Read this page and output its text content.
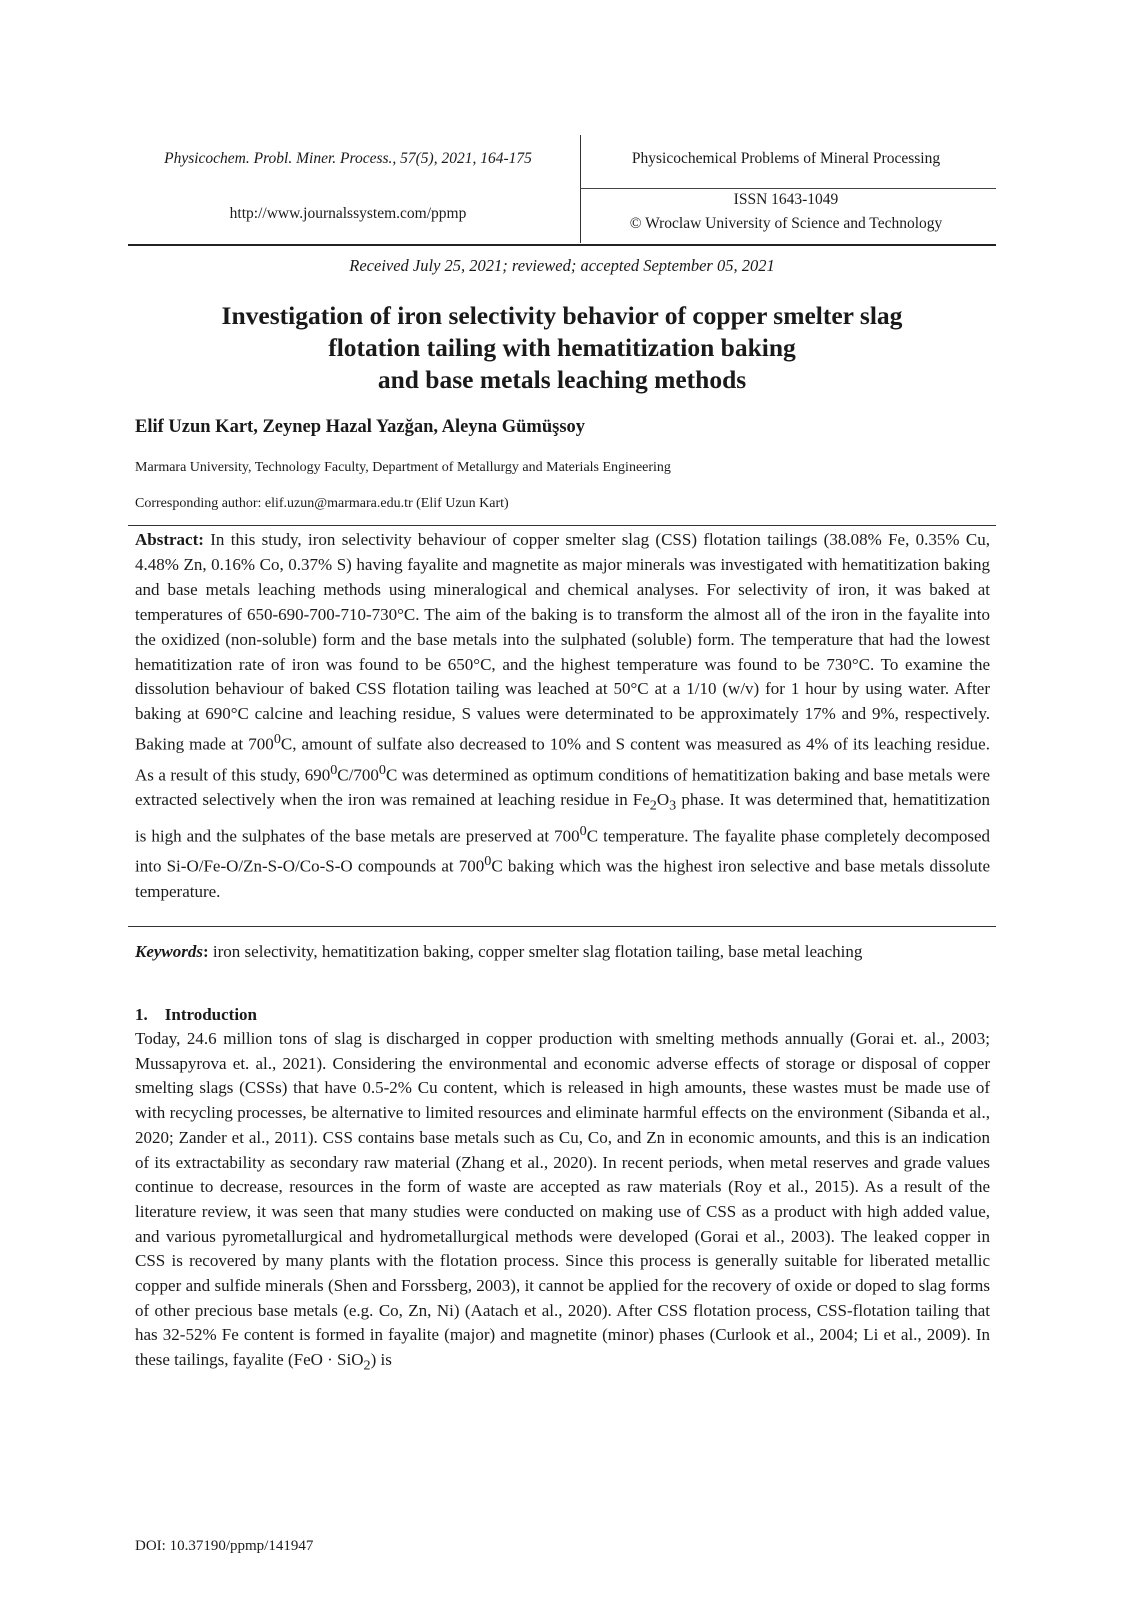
Physicochem. Probl. Miner. Process., 57(5), 2021, 164-175
http://www.journalssystem.com/ppmp
Physicochemical Problems of Mineral Processing
ISSN 1643-1049
© Wroclaw University of Science and Technology
Received July 25, 2021; reviewed; accepted September 05, 2021
Investigation of iron selectivity behavior of copper smelter slag
flotation tailing with hematitization baking
and base metals leaching methods
Elif Uzun Kart, Zeynep Hazal Yazğan, Aleyna Gümüşsoy
Marmara University, Technology Faculty, Department of Metallurgy and Materials Engineering
Corresponding author: elif.uzun@marmara.edu.tr (Elif Uzun Kart)
Abstract: In this study, iron selectivity behaviour of copper smelter slag (CSS) flotation tailings (38.08% Fe, 0.35% Cu, 4.48% Zn, 0.16% Co, 0.37% S) having fayalite and magnetite as major minerals was investigated with hematitization baking and base metals leaching methods using mineralogical and chemical analyses. For selectivity of iron, it was baked at temperatures of 650-690-700-710-730°C. The aim of the baking is to transform the almost all of the iron in the fayalite into the oxidized (non-soluble) form and the base metals into the sulphated (soluble) form. The temperature that had the lowest hematitization rate of iron was found to be 650°C, and the highest temperature was found to be 730°C. To examine the dissolution behaviour of baked CSS flotation tailing was leached at 50°C at a 1/10 (w/v) for 1 hour by using water. After baking at 690°C calcine and leaching residue, S values were determinated to be approximately 17% and 9%, respectively. Baking made at $700^0C$, amount of sulfate also decreased to 10% and S content was measured as 4% of its leaching residue. As a result of this study, $690^0C/700^0C$ was determined as optimum conditions of hematitization baking and base metals were extracted selectively when the iron was remained at leaching residue in $Fe_2O_3$ phase. It was determined that, hematitization is high and the sulphates of the base metals are preserved at $700^0C$ temperature. The fayalite phase completely decomposed into Si-O/Fe-O/Zn-S-O/Co-S-O compounds at $700^0C$ baking which was the highest iron selective and base metals dissolute temperature.
Keywords: iron selectivity, hematitization baking, copper smelter slag flotation tailing, base metal leaching
1. Introduction
Today, 24.6 million tons of slag is discharged in copper production with smelting methods annually (Gorai et. al., 2003; Mussapyrova et. al., 2021). Considering the environmental and economic adverse effects of storage or disposal of copper smelting slags (CSSs) that have 0.5-2% Cu content, which is released in high amounts, these wastes must be made use of with recycling processes, be alternative to limited resources and eliminate harmful effects on the environment (Sibanda et al., 2020; Zander et al., 2011). CSS contains base metals such as Cu, Co, and Zn in economic amounts, and this is an indication of its extractability as secondary raw material (Zhang et al., 2020). In recent periods, when metal reserves and grade values continue to decrease, resources in the form of waste are accepted as raw materials (Roy et al., 2015). As a result of the literature review, it was seen that many studies were conducted on making use of CSS as a product with high added value, and various pyrometallurgical and hydrometallurgical methods were developed (Gorai et al., 2003). The leaked copper in CSS is recovered by many plants with the flotation process. Since this process is generally suitable for liberated metallic copper and sulfide minerals (Shen and Forssberg, 2003), it cannot be applied for the recovery of oxide or doped to slag forms of other precious base metals (e.g. Co, Zn, Ni) (Aatach et al., 2020). After CSS flotation process, CSS-flotation tailing that has 32-52% Fe content is formed in fayalite (major) and magnetite (minor) phases (Curlook et al., 2004; Li et al., 2009). In these tailings, fayalite (FeO · SiO$_2$) is
DOI: 10.37190/ppmp/141947
